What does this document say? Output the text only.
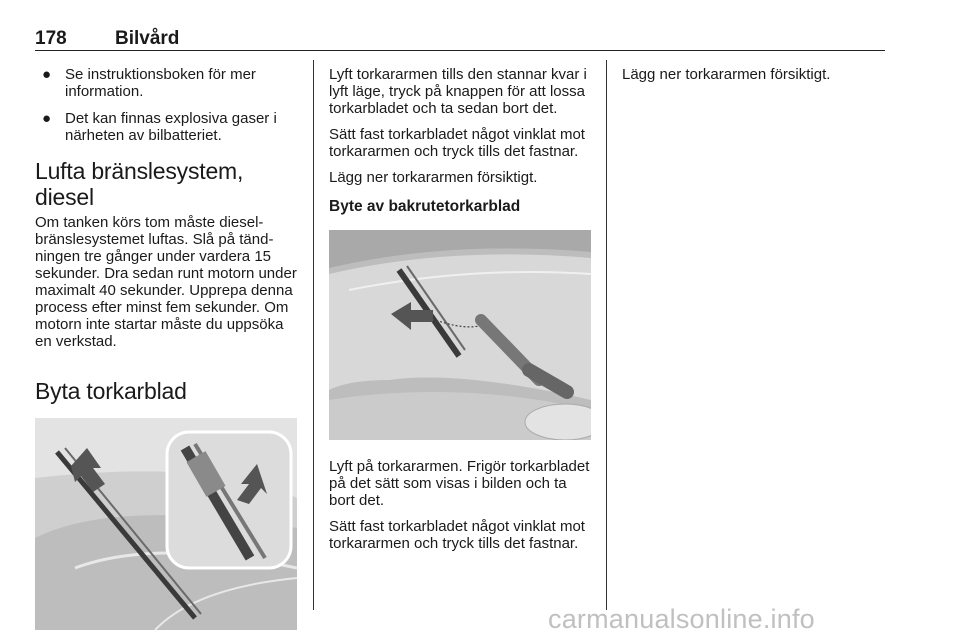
178	Bilvård
● Se instruktionsboken för mer information.
● Det kan finnas explosiva gaser i närheten av bilbatteriet.
Lufta bränslesystem, diesel

Om tanken körs tom måste dieselbränslesystemet luftas. Slå på tändningen tre gånger under vardera 15 sekunder. Dra sedan runt motorn under maximalt 40 sekunder. Upprepa denna process efter minst fem sekunder. Om motorn inte startar måste du uppsöka en verkstad.

Byta torkarblad

Lyft torkararmen tills den stannar kvar i lyft läge, tryck på knappen för att lossa torkarbladet och ta sedan bort det.

Sätt fast torkarbladet något vinklat mot torkararmen och tryck tills det fastnar.

Lägg ner torkararmen försiktigt.

Byte av bakrutetorkarblad

Lyft på torkararmen. Frigör torkarbladet på det sätt som visas i bilden och ta bort det.

Sätt fast torkarbladet något vinklat mot torkararmen och tryck tills det fastnar.

Lägg ner torkararmen försiktigt.

carmanualsonline.info
